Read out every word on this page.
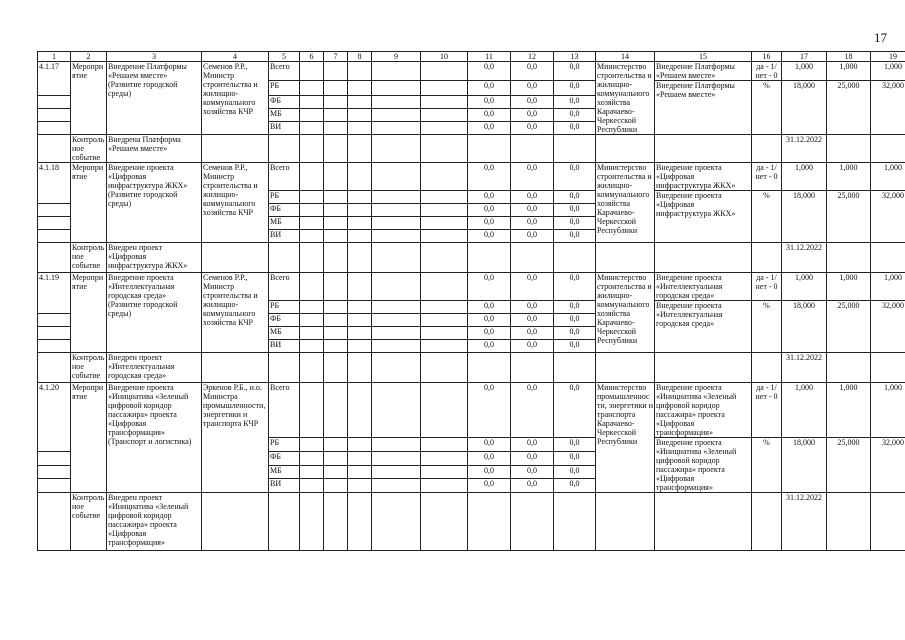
17
1	2	3	4	5	6	7	8	9	10	11	12	13	14	15	16	17	18	19
4.1.17	Мероприятие	Внедрение Платформы «Решаем вместе» (Развитие городской среды)	Семенов Р.Р., Министр строительства и жилищно-коммунального хозяйства КЧР	Всего						0,0	0,0	0,0	Министерство строительства и жилищно-коммунального хозяйства Карачаево-Черкесской Республики	Внедрение Платформы «Решаем вместе»	да - 1/ нет - 0	1,000	1,000	1,000
				РБ						0,0	0,0	0,0		Внедрение Платформы «Решаем вместе»	%	18,000	25,000	32,000
				ФБ						0,0	0,0	0,0						
				МБ						0,0	0,0	0,0						
				ВИ						0,0	0,0	0,0						
	Контрольное событие	Внедрена Платформа «Решаем вместе»														31.12.2022		
4.1.18	Мероприятие	Внедрение проекта «Цифровая инфраструктура ЖКХ» (Развитие городской среды)	Семенов Р.Р., Министр строительства и жилищно-коммунального хозяйства КЧР	Всего						0,0	0,0	0,0	Министерство строительства и жилищно-коммунального хозяйства Карачаево-Черкесской Республики	Внедрение проекта «Цифровая инфраструктура ЖКХ»	да - 1/ нет - 0	1,000	1,000	1,000
				РБ						0,0	0,0	0,0		Внедрение проекта «Цифровая инфраструктура ЖКХ»	%	18,000	25,000	32,000
				ФБ						0,0	0,0	0,0						
				МБ						0,0	0,0	0,0						
				ВИ						0,0	0,0	0,0						
	Контрольное событие	Внедрен проект «Цифровая инфраструктура ЖКХ»														31.12.2022		
4.1.19	Мероприятие	Внедрение проекта «Интеллектуальная городская среда» (Развитие городской среды)	Семенов Р.Р., Министр строительства и жилищно-коммунального хозяйства КЧР	Всего						0,0	0,0	0,0	Министерство строительства и жилищно-коммунального хозяйства Карачаево-Черкесской Республики	Внедрение проекта «Интеллектуальная городская среда»	да - 1/ нет - 0	1,000	1,000	1,000
				РБ						0,0	0,0	0,0		Внедрение проекта «Интеллектуальная городская среда»	%	18,000	25,000	32,000
				ФБ						0,0	0,0	0,0						
				МБ						0,0	0,0	0,0						
				ВИ						0,0	0,0	0,0						
	Контрольное событие	Внедрен проект «Интеллектуальная городская среда»														31.12.2022		
4.1.20	Мероприятие	Внедрение проекта «Инициатива «Зеленый цифровой коридор пассажира» проекта «Цифровая трансформация» (Транспорт и логистика)	Эркенов Р.Б., и.о. Министра промышленности, энергетики и транспорта КЧР	Всего						0,0	0,0	0,0	Министерство промышленности, энергетики и транспорта Карачаево-Черкесской Республики	Внедрение проекта «Инициатива «Зеленый цифровой коридор пассажира» проекта «Цифровая трансформация»	да - 1/ нет - 0	1,000	1,000	1,000
				РБ						0,0	0,0	0,0		Внедрение проекта «Инициатива «Зеленый цифровой коридор пассажира» проекта «Цифровая трансформация»	%	18,000	25,000	32,000
				ФБ						0,0	0,0	0,0						
				МБ						0,0	0,0	0,0						
				ВИ						0,0	0,0	0,0						
	Контрольное событие	Внедрен проект «Инициатива «Зеленый цифровой коридор пассажира» проекта «Цифровая трансформация»														31.12.2022		
